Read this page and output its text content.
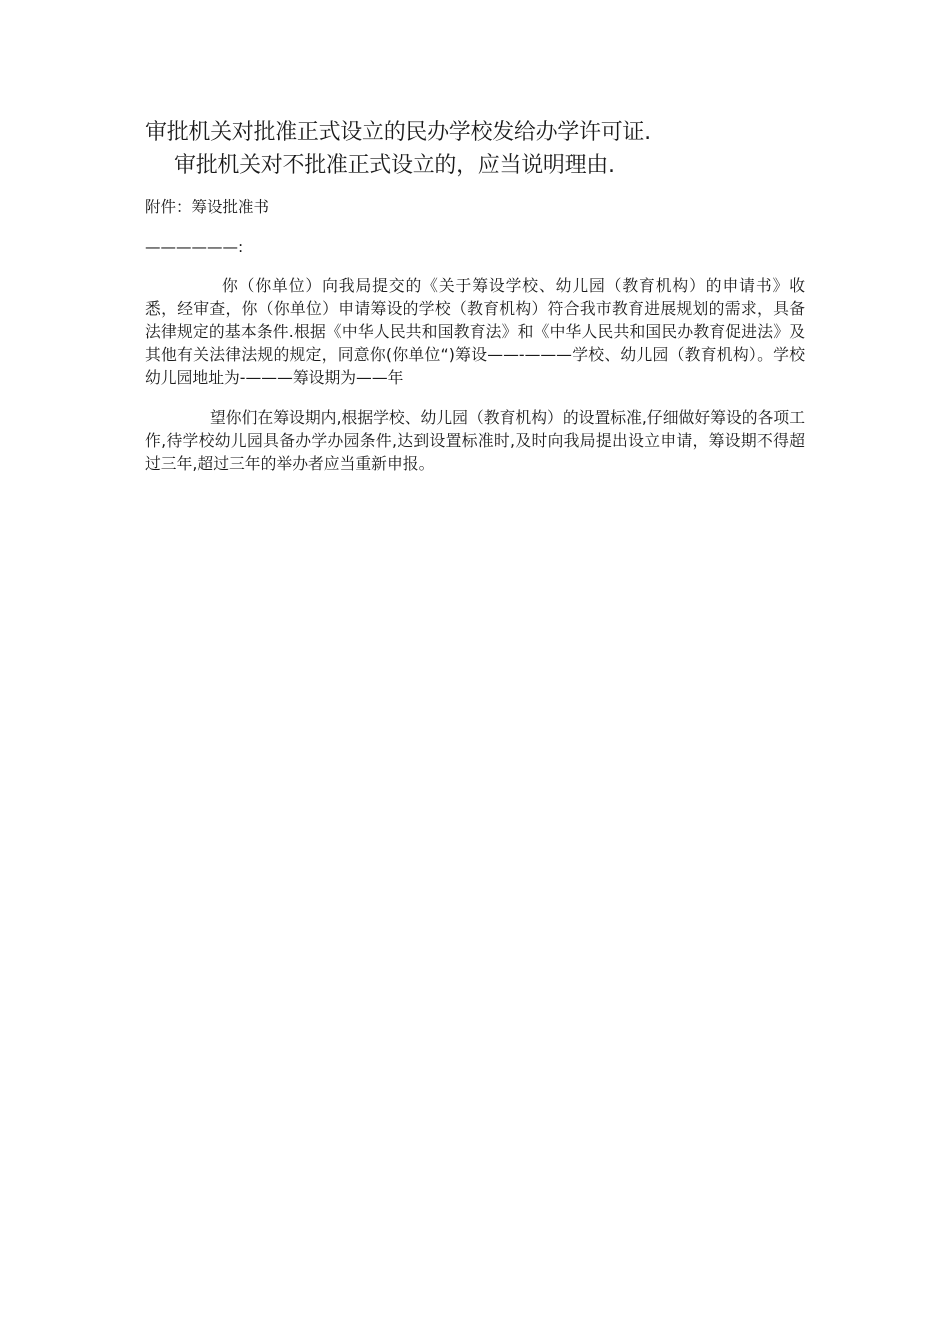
审批机关对批准正式设立的民办学校发给办学许可证.
审批机关对不批准正式设立的，应当说明理由.
附件：筹设批准书
——————:
你（你单位）向我局提交的《关于筹设学校、幼儿园（教育机构）的申请书》收悉，经审查，你（你单位）申请筹设的学校（教育机构）符合我市教育进展规划的需求，具备法律规定的基本条件.根据《中华人民共和国教育法》和《中华人民共和国民办教育促进法》及其他有关法律法规的规定，同意你(你单位“)筹设——-———学校、幼儿园（教育机构）。学校幼儿园地址为-———筹设期为——年
望你们在筹设期内,根据学校、幼儿园（教育机构）的设置标准,仔细做好筹设的各项工作,待学校幼儿园具备办学办园条件,达到设置标准时,及时向我局提出设立申请，筹设期不得超过三年,超过三年的举办者应当重新申报。
